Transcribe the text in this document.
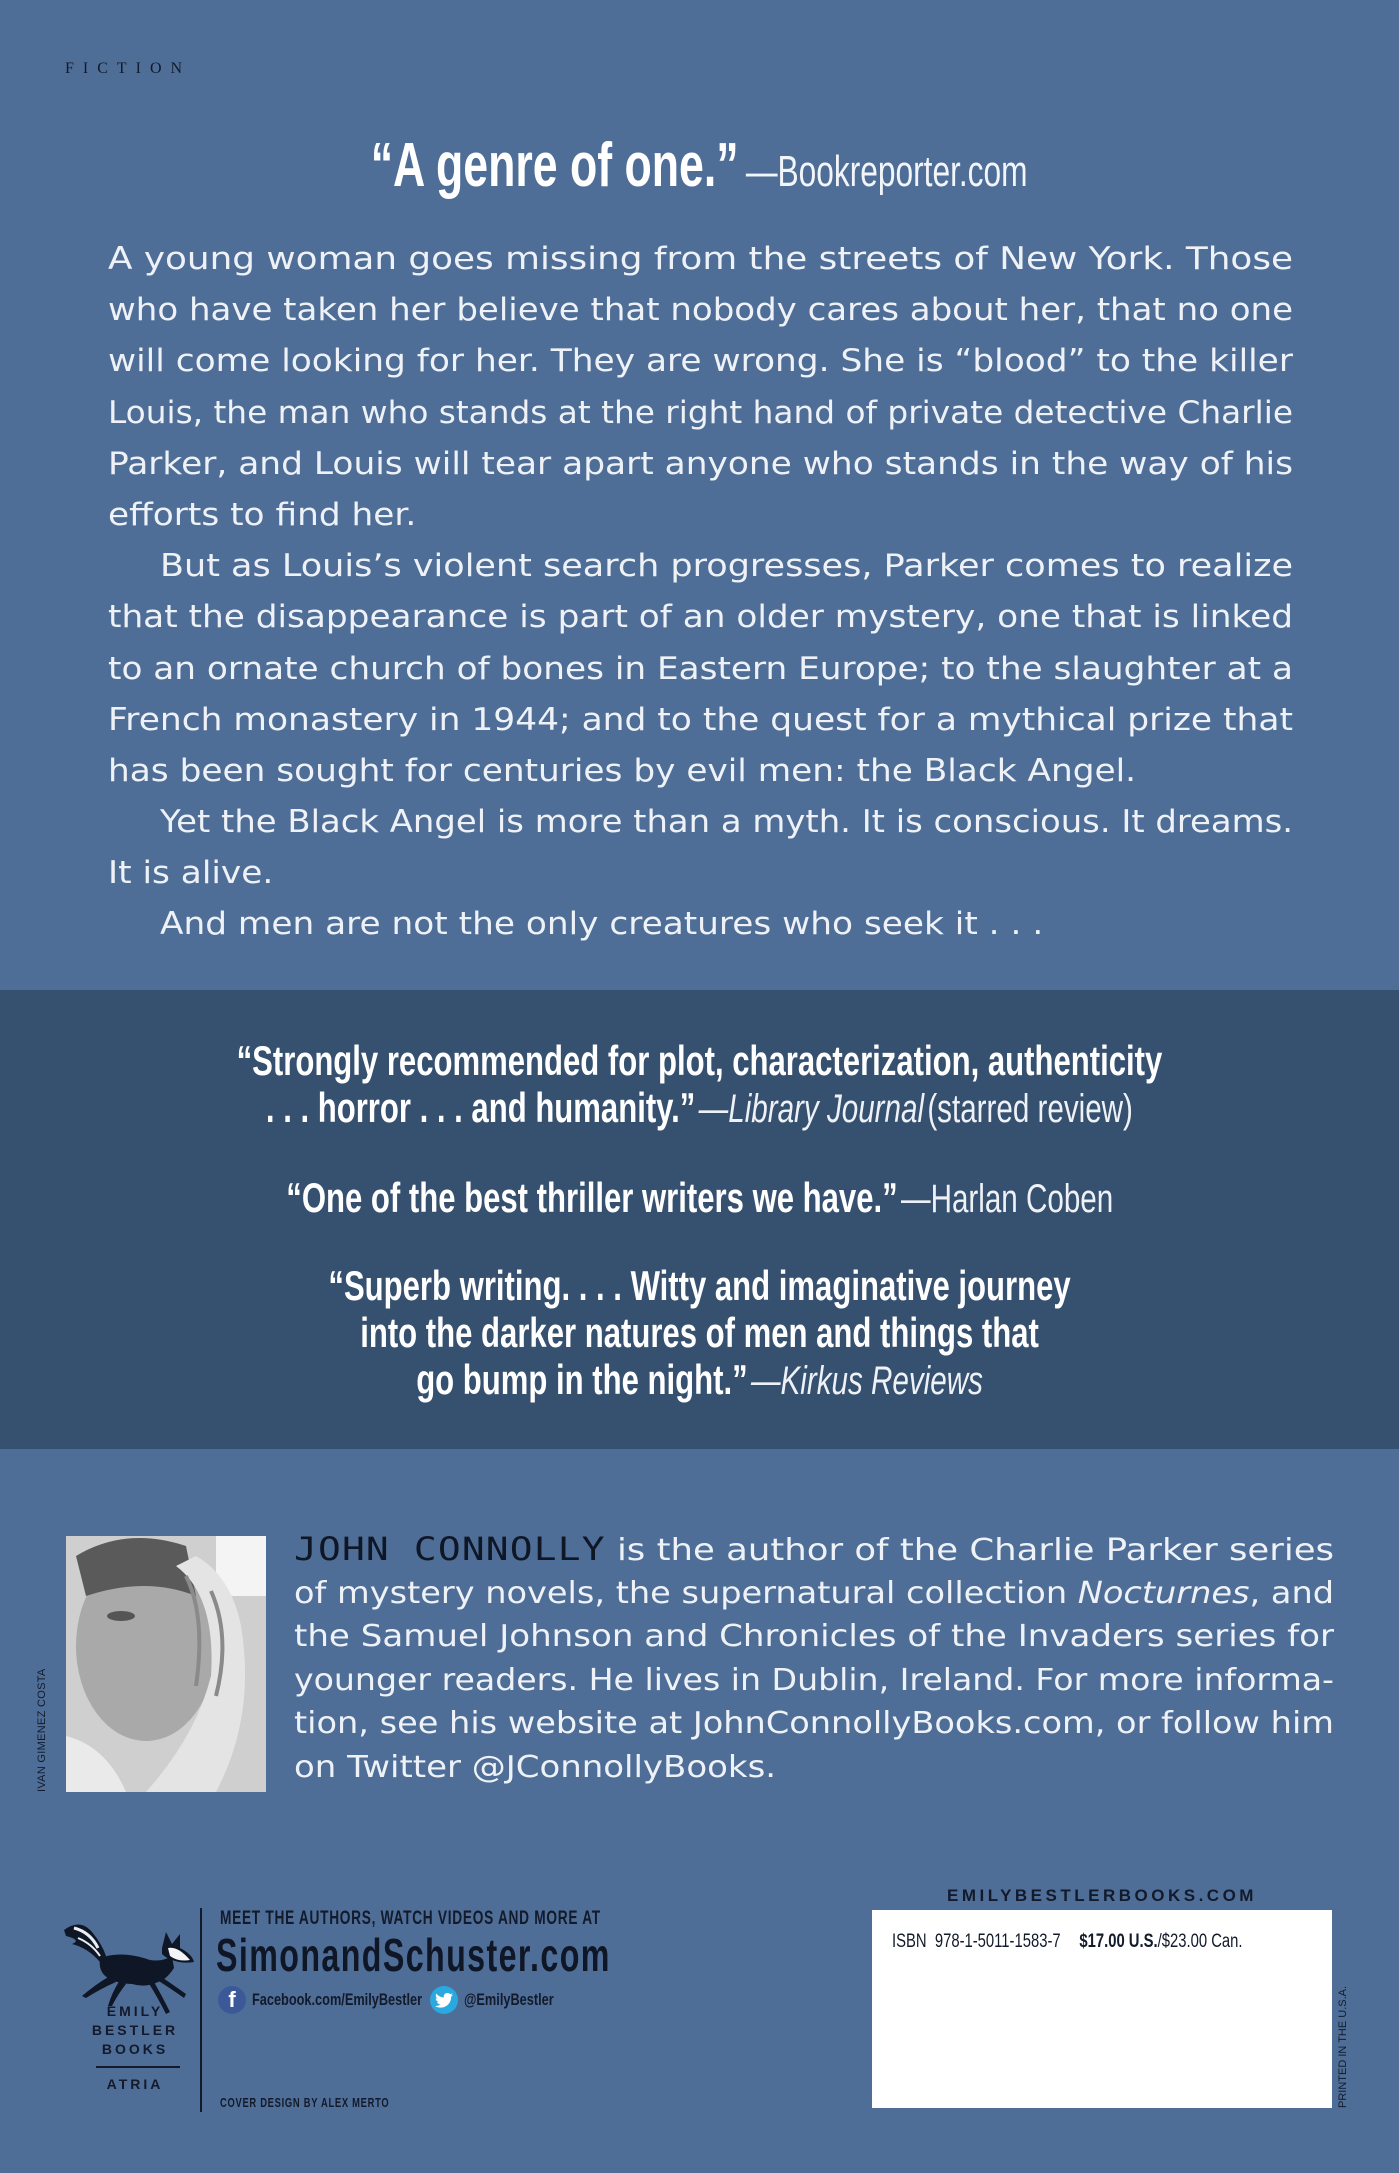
FICTION
“A genre of one.” —Bookreporter.com
A young woman goes missing from the streets of New York. Those
who have taken her believe that nobody cares about her, that no one
will come looking for her. They are wrong. She is “blood” to the killer
Louis, the man who stands at the right hand of private detective Charlie
Parker, and Louis will tear apart anyone who stands in the way of his
efforts to find her.
But as Louis’s violent search progresses, Parker comes to realize
that the disappearance is part of an older mystery, one that is linked
to an ornate church of bones in Eastern Europe; to the slaughter at a
French monastery in 1944; and to the quest for a mythical prize that
has been sought for centuries by evil men: the Black Angel.
Yet the Black Angel is more than a myth. It is conscious. It dreams.
It is alive.
And men are not the only creatures who seek it . . .
“Strongly recommended for plot, characterization, authenticity
. . . horror . . . and humanity.” —Library Journal (starred review)
“One of the best thriller writers we have.” —Harlan Coben
“Superb writing. . . . Witty and imaginative journey
into the darker natures of men and things that
go bump in the night.” —Kirkus Reviews
IVAN GIMENEZ COSTA
JOHN CONNOLLY is the author of the Charlie Parker series
of mystery novels, the supernatural collection Nocturnes, and
the Samuel Johnson and Chronicles of the Invaders series for
younger readers. He lives in Dublin, Ireland. For more informa-
tion, see his website at JohnConnollyBooks.com, or follow him
on Twitter @JConnollyBooks.
EMILY
BESTLER
BOOKS
ATRIA
MEET THE AUTHORS, WATCH VIDEOS AND MORE AT
SimonandSchuster.com
f Facebook.com/EmilyBestler @EmilyBestler
COVER DESIGN BY ALEX MERTO
EMILYBESTLERBOOKS.COM
ISBN 978-1-5011-1583-7 $17.00 U.S./$23.00 Can.
PRINTED IN THE U.S.A.
